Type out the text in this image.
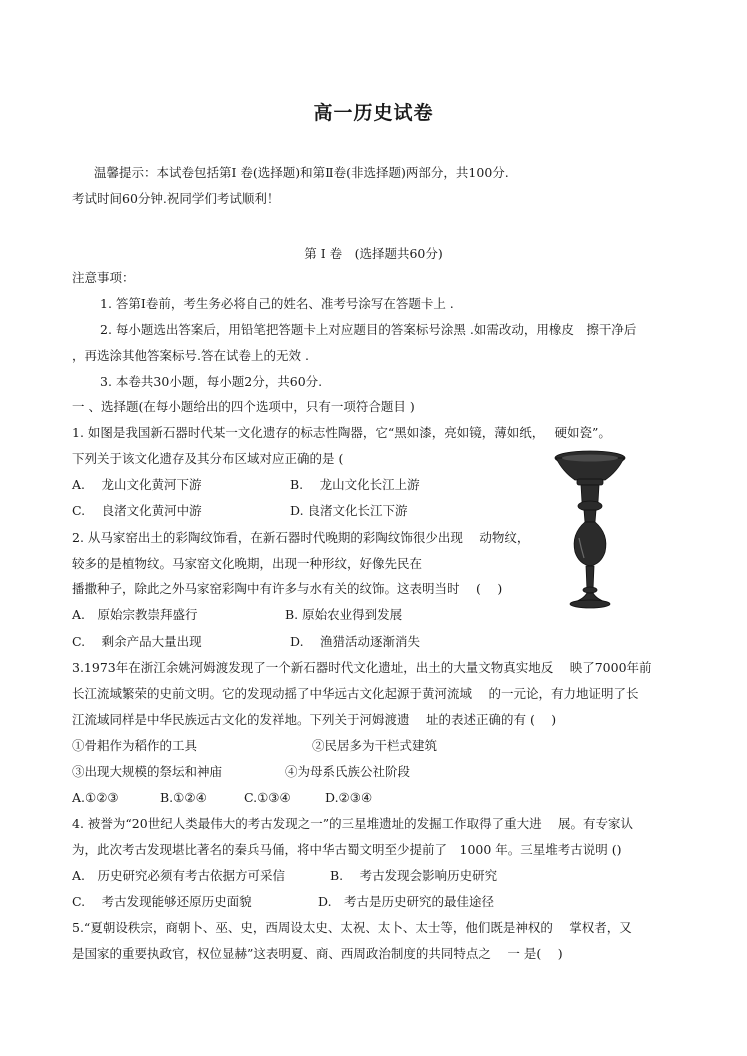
高一历史试卷
温馨提示：本试卷包括第Ⅰ 卷(选择题)和第Ⅱ卷(非选择题)两部分，共100分.
考试时间60分钟.祝同学们考试顺利！
第 Ⅰ 卷　(选择题共60分)
注意事项：
1. 答第Ⅰ卷前，考生务必将自己的姓名、准考号涂写在答题卡上 .
2. 每小题选出答案后，用铅笔把答题卡上对应题目的答案标号涂黑 .如需改动，用橡皮　擦干净后
，再选涂其他答案标号.答在试卷上的无效 .
3. 本卷共30小题，每小题2分，共60分.
一 、选择题(在每小题给出的四个选项中，只有一项符合题目 )
1. 如图是我国新石器时代某一文化遗存的标志性陶器，它“黑如漆，亮如镜，薄如纸，　 硬如瓷”。
下列关于该文化遗存及其分布区域对应正确的是 (
A.　 龙山文化黄河下游	B.　 龙山文化长江上游
C.　 良渚文化黄河中游	D. 良渚文化长江下游
2. 从马家窑出土的彩陶纹饰看，在新石器时代晚期的彩陶纹饰很少出现　 动物纹，
较多的是植物纹。马家窑文化晚期，出现一种形纹，好像先民在
播撒种子，除此之外马家窑彩陶中有许多与水有关的纹饰。这表明当时　 (　 )
A.　原始宗教崇拜盛行	B. 原始农业得到发展
C.　 剩余产品大量出现	D.　 渔猎活动逐渐消失
3.1973年在浙江余姚河姆渡发现了一个新石器时代文化遗址，出土的大量文物真实地反　 映了7000年前
长江流域繁荣的史前文明。它的发现动摇了中华远古文化起源于黄河流域　 的一元论，有力地证明了长
江流域同样是中华民族远古文化的发祥地。下列关于河姆渡遗　 址的表述正确的有 (　 )
①骨耜作为稻作的工具	②民居多为干栏式建筑
③出现大规模的祭坛和神庙	④为母系氏族公社阶段
A.①②③	B.①②④	C.①③④	D.②③④
4. 被誉为“20世纪人类最伟大的考古发现之一”的三星堆遗址的发掘工作取得了重大进　 展。有专家认
为，此次考古发现堪比著名的秦兵马俑，将中华古蜀文明至少提前了　1000 年。三星堆考古说明 ()
A.　历史研究必须有考古依据方可采信	B.　 考古发现会影响历史研究
C.　 考古发现能够还原历史面貌	D.　考古是历史研究的最佳途径
5.“夏朝设秩宗，商朝卜、巫、史，西周设太史、太祝、太卜、太士等，他们既是神权的　 掌权者，又
是国家的重要执政官，权位显赫”这表明夏、商、西周政治制度的共同特点之　 一 是(　 )
